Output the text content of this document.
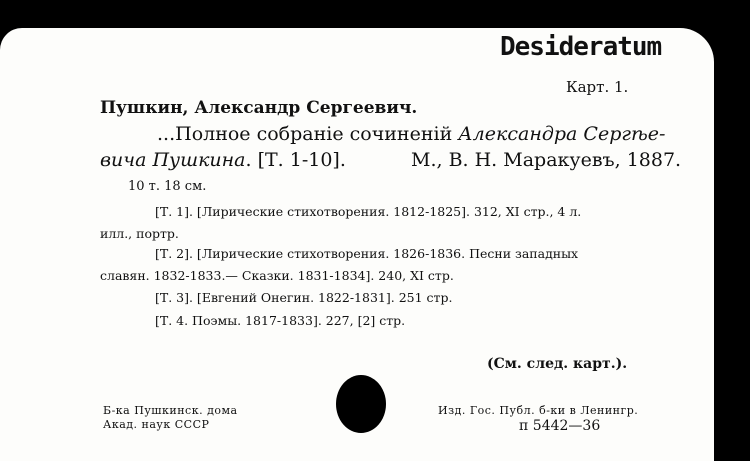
Desideratum
Карт. 1.
Пушкин, Александр Сергеевич.
...Полное собраніе сочиненій Александра Сергѣе-
вича Пушкина. [Т. 1-10].	М., В. Н. Маракуевъ, 1887.
10 т. 18 см.
[Т. 1]. [Лирические стихотворения. 1812-1825]. 312, XI стр., 4 л.
илл., портр.
[Т. 2]. [Лирические стихотворения. 1826-1836. Песни западных
славян. 1832-1833.— Сказки. 1831-1834]. 240, XI стр.
[Т. 3]. [Евгений Онегин. 1822-1831]. 251 стр.
[Т. 4. Поэмы. 1817-1833]. 227, [2] стр.
(См. след. карт.).
Б-ка Пушкинск. дома
Акад. наук СССР
Изд. Гос. Публ. б-ки в Ленингр.
п 5442—36
